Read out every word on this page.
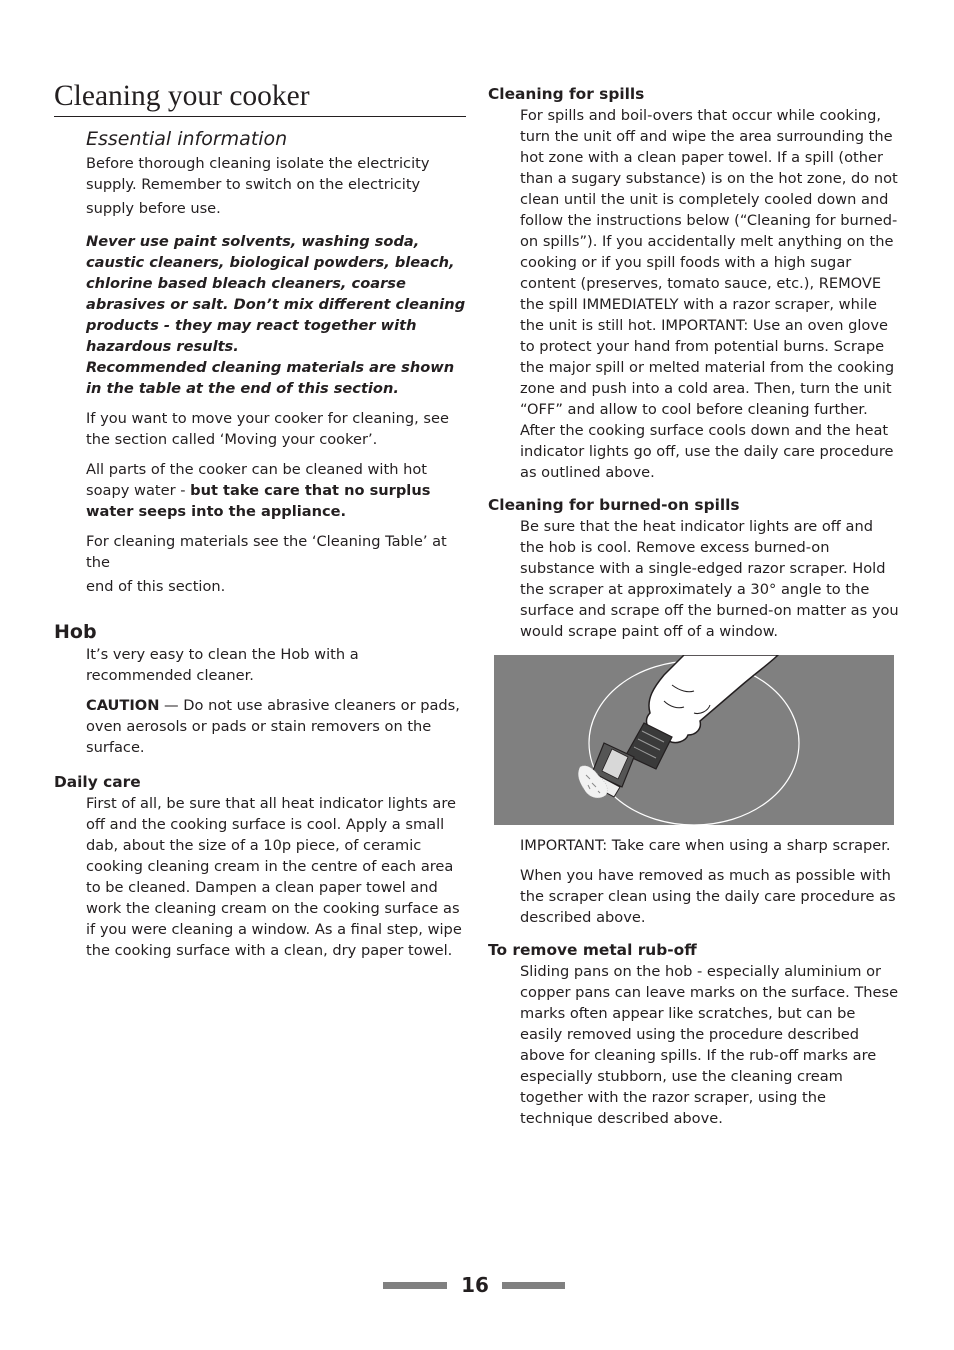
Cleaning your cooker
Essential information

Before thorough cleaning isolate the electricity supply. Remember to switch on the electricity

supply before use.

Never use paint solvents, washing soda, caustic cleaners, biological powders, bleach, chlorine based bleach cleaners, coarse abrasives or salt. Don’t mix different cleaning products - they may react together with hazardous results.

Recommended cleaning materials are shown in the table at the end of this section.

If you want to move your cooker for cleaning, see the section called ‘Moving your cooker’.

All parts of the cooker can be cleaned with hot soapy water - but take care that no surplus water seeps into the appliance.

For cleaning materials see the ‘Cleaning Table’ at the

end of this section.

Hob

It’s very easy to clean the Hob with a recommended cleaner.

CAUTION — Do not use abrasive cleaners or pads, oven aerosols or pads or stain removers on the surface.

Daily care

First of all, be sure that all heat indicator lights are off and the cooking surface is cool. Apply a small dab, about the size of a 10p piece, of ceramic cooking cleaning cream in the centre of each area to be cleaned. Dampen a clean paper towel and work the cleaning cream on the cooking surface as if you were cleaning a window. As a final step, wipe the cooking surface with a clean, dry paper towel.

Cleaning for spills

For spills and boil-overs that occur while cooking, turn the unit off and wipe the area surrounding the hot zone with a clean paper towel. If a spill (other than a sugary substance) is on the hot zone, do not clean until the unit is completely cooled down and follow the instructions below (“Cleaning for burned-on spills”). If you accidentally melt anything on the cooking or if you spill foods with a high sugar content (preserves, tomato sauce, etc.), REMOVE the spill IMMEDIATELY with a razor scraper, while the unit is still hot. IMPORTANT: Use an oven glove to protect your hand from potential burns. Scrape the major spill or melted material from the cooking zone and push into a cold area. Then, turn the unit “OFF” and allow to cool before cleaning further. After the cooking surface cools down and the heat indicator lights go off, use the daily care procedure as outlined above.

Cleaning for burned-on spills

Be sure that the heat indicator lights are off and the hob is cool. Remove excess burned-on substance with a single-edged razor scraper. Hold the scraper at approximately a 30° angle to the surface and scrape off the burned-on matter as you would scrape paint off of a window.

IMPORTANT: Take care when using a sharp scraper.

When you have removed as much as possible with the scraper clean using the daily care procedure as described above.

To remove metal rub-off

Sliding pans on the hob - especially aluminium or copper pans can leave marks on the surface. These marks often appear like scratches, but can be easily removed using the procedure described above for cleaning spills. If the rub-off marks are especially stubborn, use the cleaning cream together with the razor scraper, using the technique described above.

16
